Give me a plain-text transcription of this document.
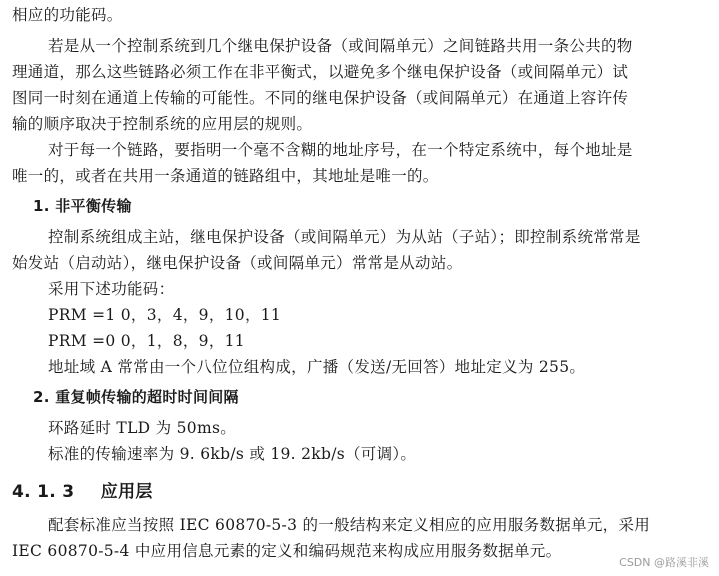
相应的功能码。
若是从一个控制系统到几个继电保护设备（或间隔单元）之间链路共用一条公共的物
理通道，那么这些链路必须工作在非平衡式，以避免多个继电保护设备（或间隔单元）试
图同一时刻在通道上传输的可能性。不同的继电保护设备（或间隔单元）在通道上容许传
输的顺序取决于控制系统的应用层的规则。
对于每一个链路，要指明一个毫不含糊的地址序号，在一个特定系统中，每个地址是
唯一的，或者在共用一条通道的链路组中，其地址是唯一的。
1. 非平衡传输
控制系统组成主站，继电保护设备（或间隔单元）为从站（子站）；即控制系统常常是
始发站（启动站），继电保护设备（或间隔单元）常常是从动站。
采用下述功能码：
PRM =1 0，3，4，9，10，11
PRM =0 0，1，8，9，11
地址域 A 常常由一个八位位组构成，广播（发送/无回答）地址定义为 255。
2. 重复帧传输的超时时间间隔
环路延时 TLD 为 50ms。
标准的传输速率为 9. 6kb/s 或 19. 2kb/s（可调）。
4. 1. 3 应用层
配套标准应当按照 IEC 60870-5-3 的一般结构来定义相应的应用服务数据单元，采用
IEC 60870-5-4 中应用信息元素的定义和编码规范来构成应用服务数据单元。
CSDN @路溪非溪
